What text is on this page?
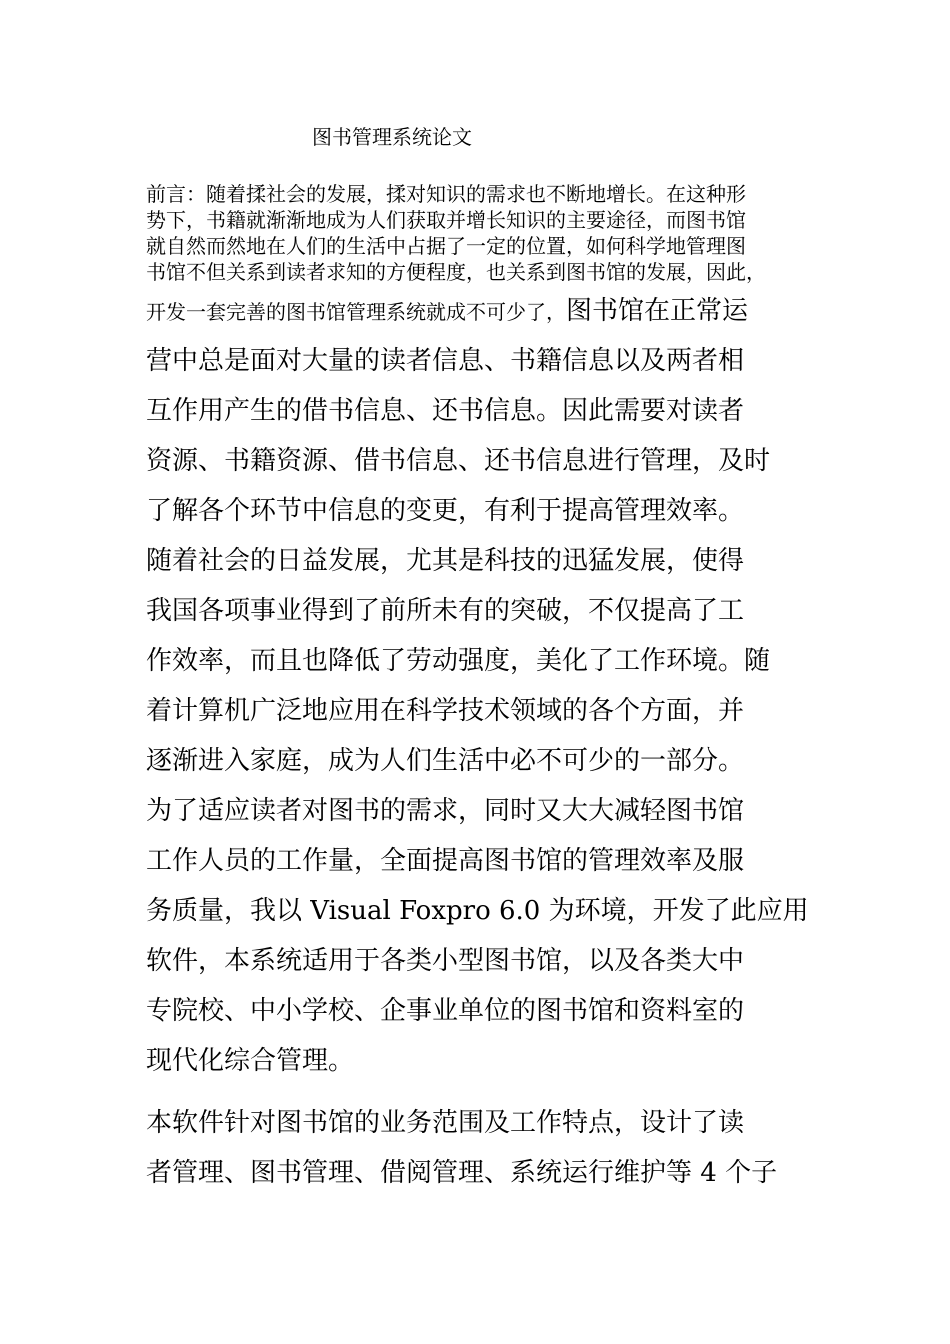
图书管理系统论文
前言：随着揉社会的发展，揉对知识的需求也不断地增长。在这种形
势下，书籍就渐渐地成为人们获取并增长知识的主要途径，而图书馆
就自然而然地在人们的生活中占据了一定的位置，如何科学地管理图
书馆不但关系到读者求知的方便程度，也关系到图书馆的发展，因此，
开发一套完善的图书馆管理系统就成不可少了，图书馆在正常运
营中总是面对大量的读者信息、书籍信息以及两者相
互作用产生的借书信息、还书信息。因此需要对读者
资源、书籍资源、借书信息、还书信息进行管理，及时
了解各个环节中信息的变更，有利于提高管理效率。
随着社会的日益发展，尤其是科技的迅猛发展，使得
我国各项事业得到了前所未有的突破，不仅提高了工
作效率，而且也降低了劳动强度，美化了工作环境。随
着计算机广泛地应用在科学技术领域的各个方面，并
逐渐进入家庭，成为人们生活中必不可少的一部分。
为了适应读者对图书的需求，同时又大大减轻图书馆
工作人员的工作量，全面提高图书馆的管理效率及服
务质量，我以 Visual Foxpro 6.0 为环境，开发了此应用
软件，本系统适用于各类小型图书馆，以及各类大中
专院校、中小学校、企事业单位的图书馆和资料室的
现代化综合管理。
本软件针对图书馆的业务范围及工作特点，设计了读
者管理、图书管理、借阅管理、系统运行维护等 4 个子
